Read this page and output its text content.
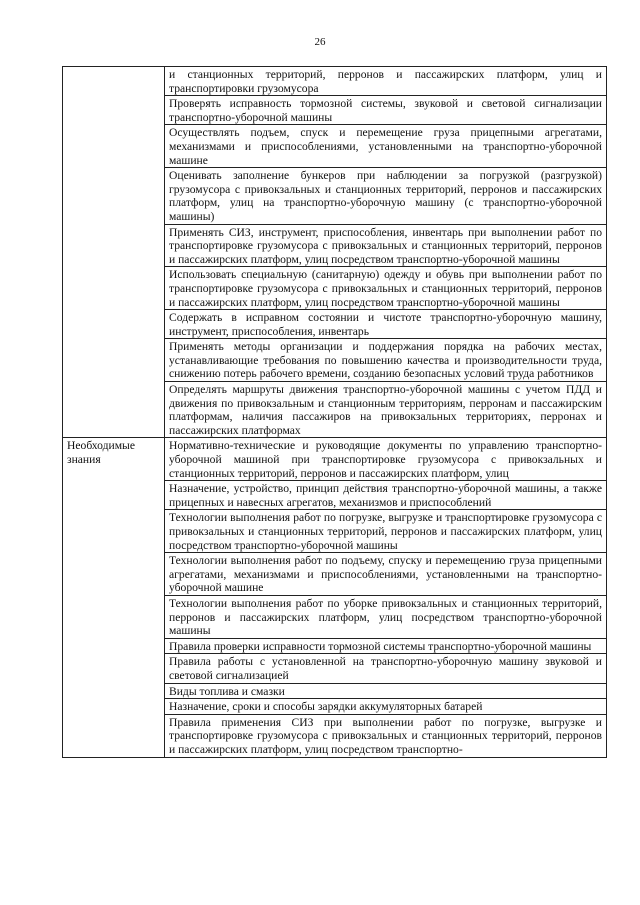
26
	и станционных территорий, перронов и пассажирских платформ, улиц и транспортировки грузомусора
	Проверять исправность тормозной системы, звуковой и световой сигнализации транспортно-уборочной машины
	Осуществлять подъем, спуск и перемещение груза прицепными агрегатами, механизмами и приспособлениями, установленными на транспортно-уборочной машине
	Оценивать заполнение бункеров при наблюдении за погрузкой (разгрузкой) грузомусора с привокзальных и станционных территорий, перронов и пассажирских платформ, улиц на транспортно-уборочную машину (с транспортно-уборочной машины)
	Применять СИЗ, инструмент, приспособления, инвентарь при выполнении работ по транспортировке грузомусора с привокзальных и станционных территорий, перронов и пассажирских платформ, улиц посредством транспортно-уборочной машины
	Использовать специальную (санитарную) одежду и обувь при выполнении работ по транспортировке грузомусора с привокзальных и станционных территорий, перронов и пассажирских платформ, улиц посредством транспортно-уборочной машины
	Содержать в исправном состоянии и чистоте транспортно-уборочную машину, инструмент, приспособления, инвентарь
	Применять методы организации и поддержания порядка на рабочих местах, устанавливающие требования по повышению качества и производительности труда, снижению потерь рабочего времени, созданию безопасных условий труда работников
	Определять маршруты движения транспортно-уборочной машины с учетом ПДД и движения по привокзальным и станционным территориям, перронам и пассажирским платформам, наличия пассажиров на привокзальных территориях, перронах и пассажирских платформах
Необходимые знания	Нормативно-технические и руководящие документы по управлению транспортно-уборочной машиной при транспортировке грузомусора с привокзальных и станционных территорий, перронов и пассажирских платформ, улиц
	Назначение, устройство, принцип действия транспортно-уборочной машины, а также прицепных и навесных агрегатов, механизмов и приспособлений
	Технологии выполнения работ по погрузке, выгрузке и транспортировке грузомусора с привокзальных и станционных территорий, перронов и пассажирских платформ, улиц посредством транспортно-уборочной машины
	Технологии выполнения работ по подъему, спуску и перемещению груза прицепными агрегатами, механизмами и приспособлениями, установленными на транспортно-уборочной машине
	Технологии выполнения работ по уборке привокзальных и станционных территорий, перронов и пассажирских платформ, улиц посредством транспортно-уборочной машины
	Правила проверки исправности тормозной системы транспортно-уборочной машины
	Правила работы с установленной на транспортно-уборочную машину звуковой и световой сигнализацией
	Виды топлива и смазки
	Назначение, сроки и способы зарядки аккумуляторных батарей
	Правила применения СИЗ при выполнении работ по погрузке, выгрузке и транспортировке грузомусора с привокзальных и станционных территорий, перронов и пассажирских платформ, улиц посредством транспортно-
